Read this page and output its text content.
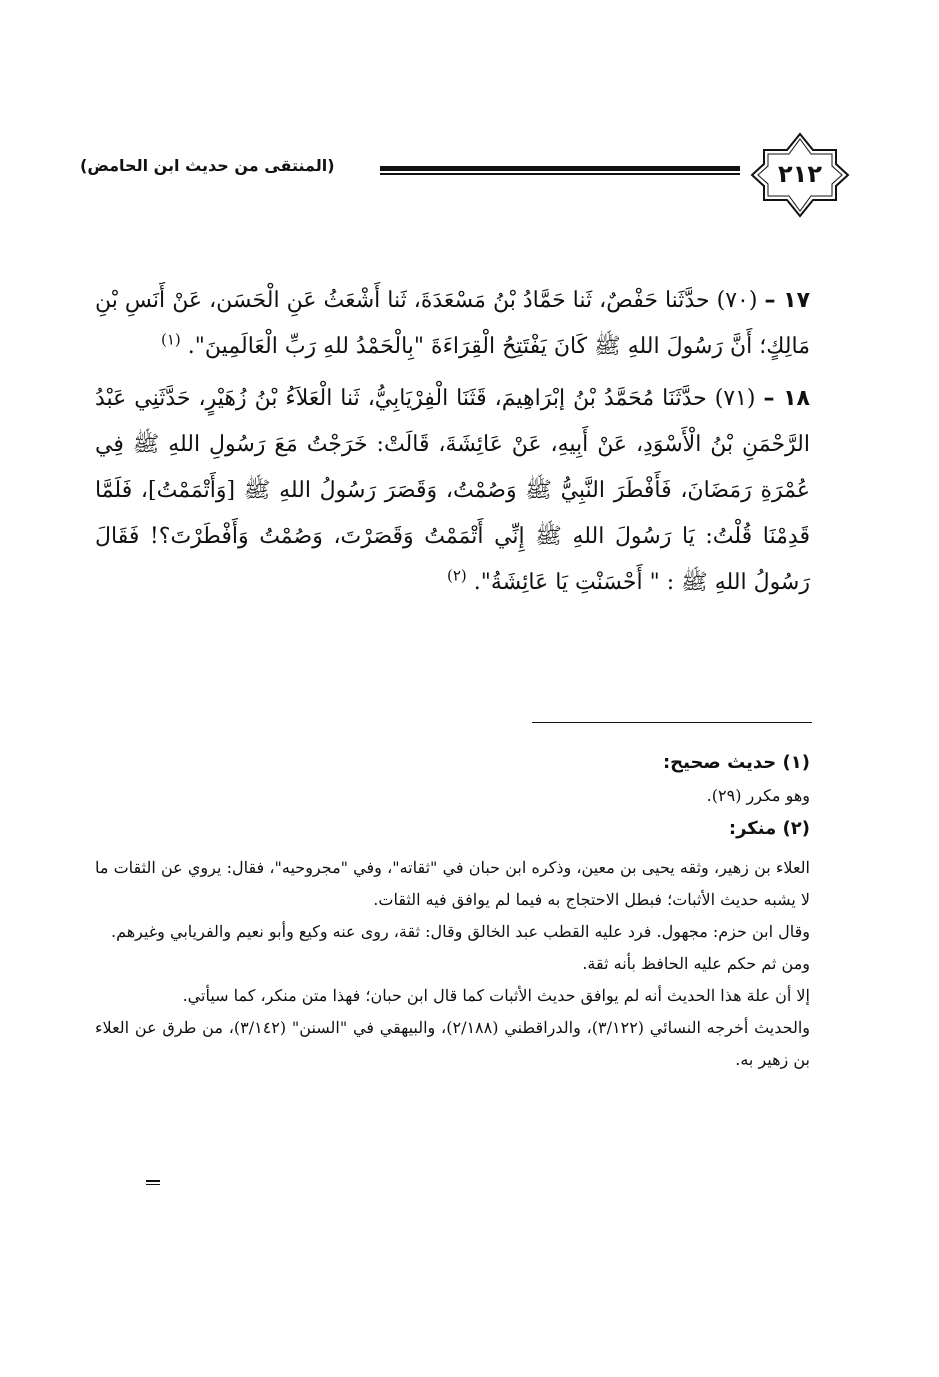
٢١٢
(المنتقى من حديث ابن الحامض)

١٧ – (٧٠) حدَّثَنا حَفْصٌ، ثَنا حَمَّادُ بْنُ مَسْعَدَةَ، ثَنا أَشْعَثُ عَنِ الْحَسَن، عَنْ أَنَسِ بْنِ مَالِكٍ؛ أَنَّ رَسُولَ اللهِ ﷺ كَانَ يَفْتَتِحُ الْقِرَاءَةَ "بِالْحَمْدُ للهِ رَبِّ الْعَالَمِينَ". $^{(١)}$

١٨ – (٧١) حدَّثَنَا مُحَمَّدُ بْنُ إبْرَاهِيمَ، قَثَنَا الْفِرْيَابِيُّ، ثَنا الْعَلاَءُ بْنُ زُهَيْرٍ، حَدَّثَنِي عَبْدُ الرَّحْمَنِ بْنُ الْأَسْوَدِ، عَنْ أَبِيهِ، عَنْ عَائِشَةَ، قَالَتْ: خَرَجْتُ مَعَ رَسُولِ اللهِ ﷺ فِي عُمْرَةِ رَمَضَانَ، فَأَفْطَرَ النَّبِيُّ ﷺ وَصُمْتُ، وَقَصَرَ رَسُولُ اللهِ ﷺ [وَأَتْمَمْتُ]، فَلَمَّا قَدِمْنَا قُلْتُ: يَا رَسُولَ اللهِ ﷺ إِنِّي أَتْمَمْتُ وَقَصَرْتَ، وَصُمْتُ وَأَفْطَرْتَ؟! فَقَالَ رَسُولُ اللهِ ﷺ : " أَحْسَنْتِ يَا عَائِشَةُ". $^{(٢)}$

(١) حديث صحيح:

وهو مكرر (٢٩).

(٢) منكر:

العلاء بن زهير، وثقه يحيى بن معين، وذكره ابن حبان في "ثقاته"، وفي "مجروحيه"، فقال: يروي عن الثقات ما لا يشبه حديث الأثبات؛ فبطل الاحتجاج به فيما لم يوافق فيه الثقات.

وقال ابن حزم: مجهول. فرد عليه القطب عبد الخالق وقال: ثقة، روى عنه وكيع وأبو نعيم والفريابي وغيرهم.

ومن ثم حكم عليه الحافظ بأنه ثقة.

إلا أن علة هذا الحديث أنه لم يوافق حديث الأثبات كما قال ابن حبان؛ فهذا متن منكر، كما سيأتي.

والحديث أخرجه النسائي (٣/١٢٢)، والدراقطني (٢/١٨٨)، والبيهقي في "السنن" (٣/١٤٢)، من طرق عن العلاء بن زهير به.
